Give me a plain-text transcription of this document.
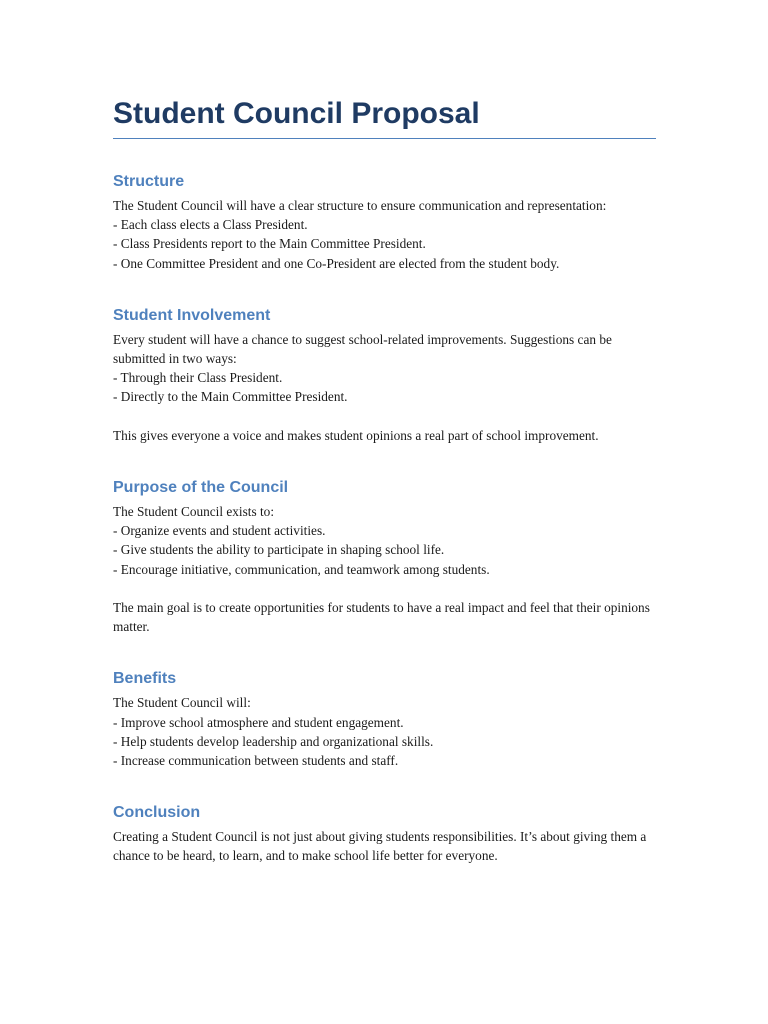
Student Council Proposal
Structure

The Student Council will have a clear structure to ensure communication and representation:
- Each class elects a Class President.
- Class Presidents report to the Main Committee President.
- One Committee President and one Co-President are elected from the student body.

Student Involvement

Every student will have a chance to suggest school-related improvements. Suggestions can be submitted in two ways:
- Through their Class President.
- Directly to the Main Committee President.

This gives everyone a voice and makes student opinions a real part of school improvement.

Purpose of the Council

The Student Council exists to:
- Organize events and student activities.
- Give students the ability to participate in shaping school life.
- Encourage initiative, communication, and teamwork among students.

The main goal is to create opportunities for students to have a real impact and feel that their opinions matter.

Benefits

The Student Council will:
- Improve school atmosphere and student engagement.
- Help students develop leadership and organizational skills.
- Increase communication between students and staff.

Conclusion

Creating a Student Council is not just about giving students responsibilities. It’s about giving them a chance to be heard, to learn, and to make school life better for everyone.
